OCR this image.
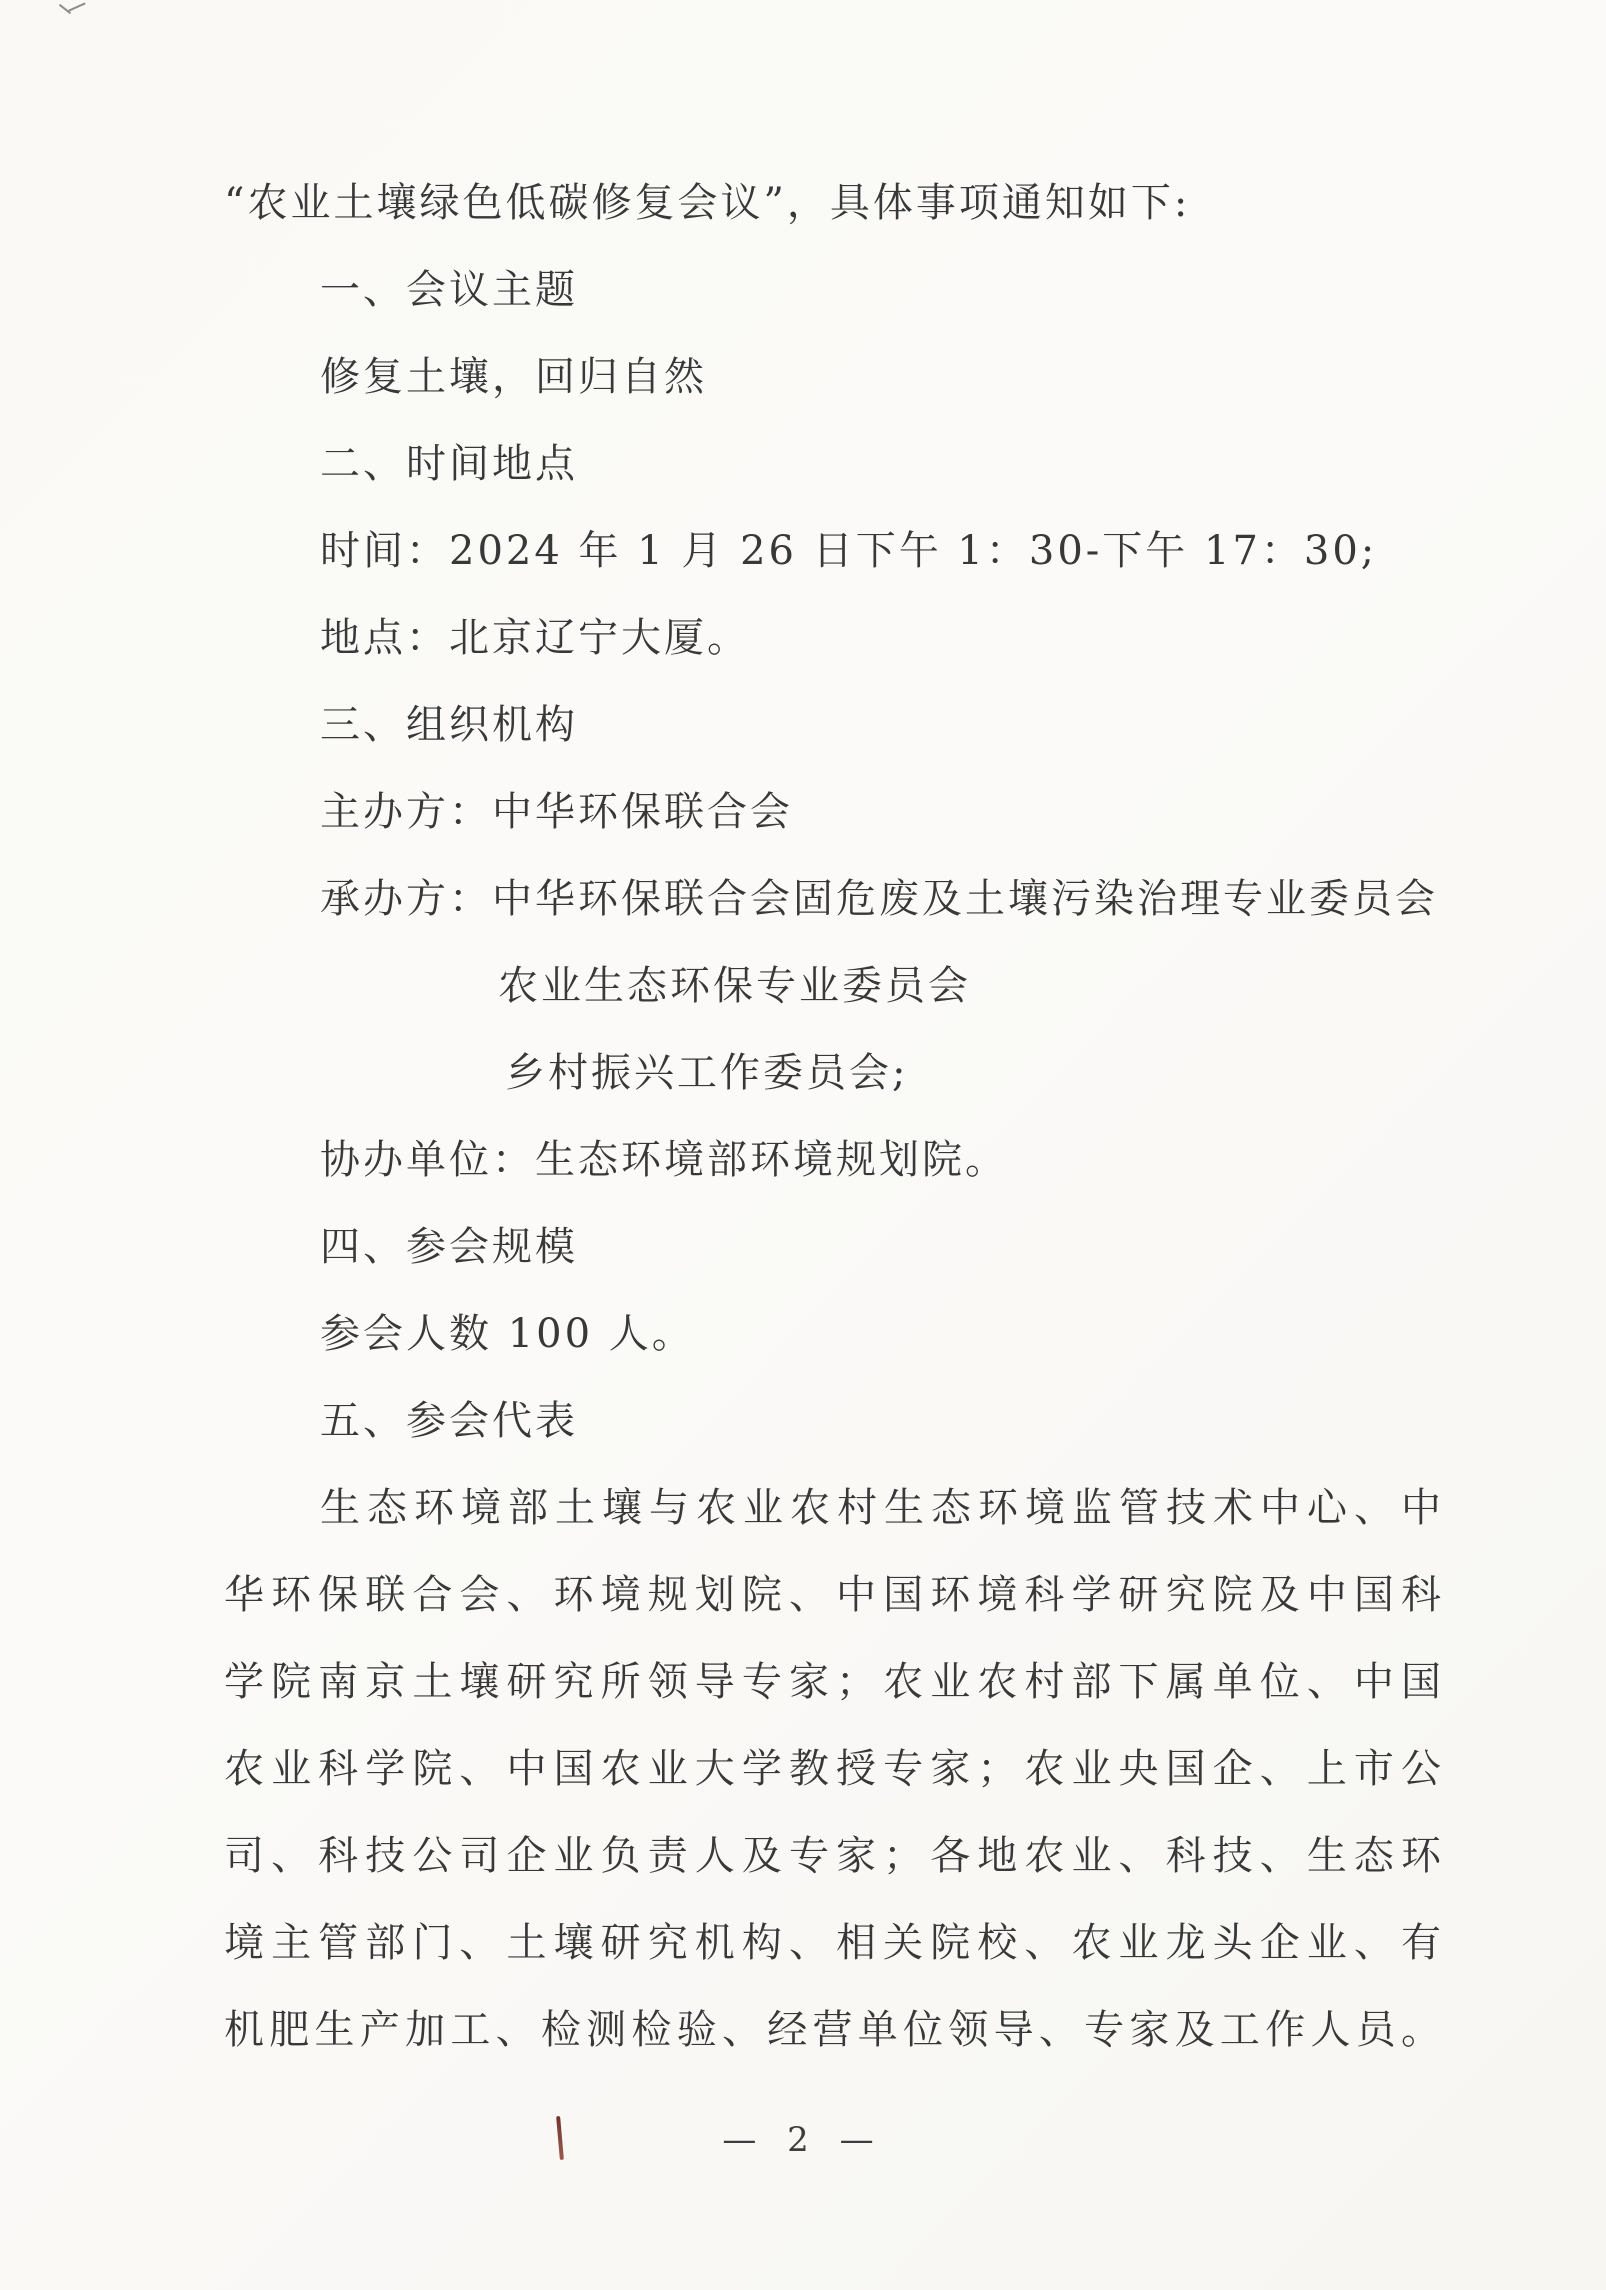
“农业土壤绿色低碳修复会议”，具体事项通知如下:
一、会议主题
修复土壤，回归自然
二、时间地点
时间：2024 年 1 月 26 日下午 1：30-下午 17：30;
地点：北京辽宁大厦。
三、组织机构
主办方：中华环保联合会
承办方：中华环保联合会固危废及土壤污染治理专业委员会
农业生态环保专业委员会
乡村振兴工作委员会;
协办单位：生态环境部环境规划院。
四、参会规模
参会人数 100 人。
五、参会代表
生态环境部土壤与农业农村生态环境监管技术中心、中
华环保联合会、环境规划院、中国环境科学研究院及中国科
学院南京土壤研究所领导专家；农业农村部下属单位、中国
农业科学院、中国农业大学教授专家；农业央国企、上市公
司、科技公司企业负责人及专家；各地农业、科技、生态环
境主管部门、土壤研究机构、相关院校、农业龙头企业、有
机肥生产加工、检测检验、经营单位领导、专家及工作人员。
— 2 —
